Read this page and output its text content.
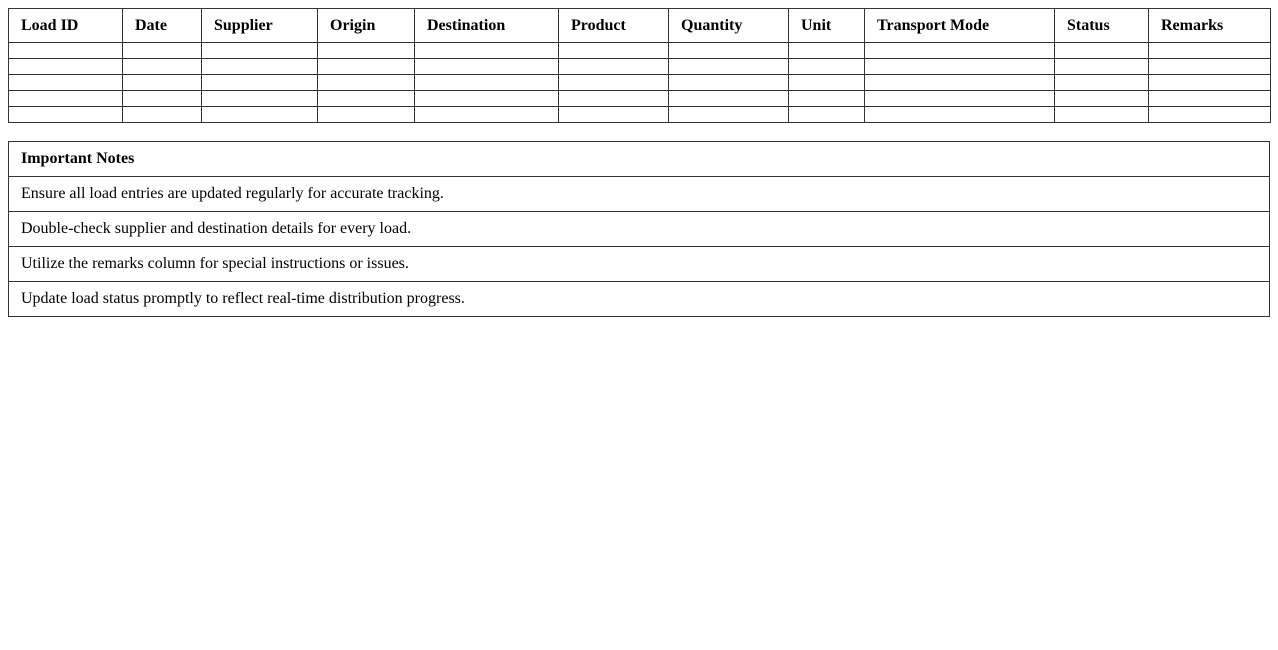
Load ID	Date	Supplier	Origin	Destination	Product	Quantity	Unit	Transport Mode	Status	Remarks

Important Notes
Ensure all load entries are updated regularly for accurate tracking.
Double-check supplier and destination details for every load.
Utilize the remarks column for special instructions or issues.
Update load status promptly to reflect real-time distribution progress.
